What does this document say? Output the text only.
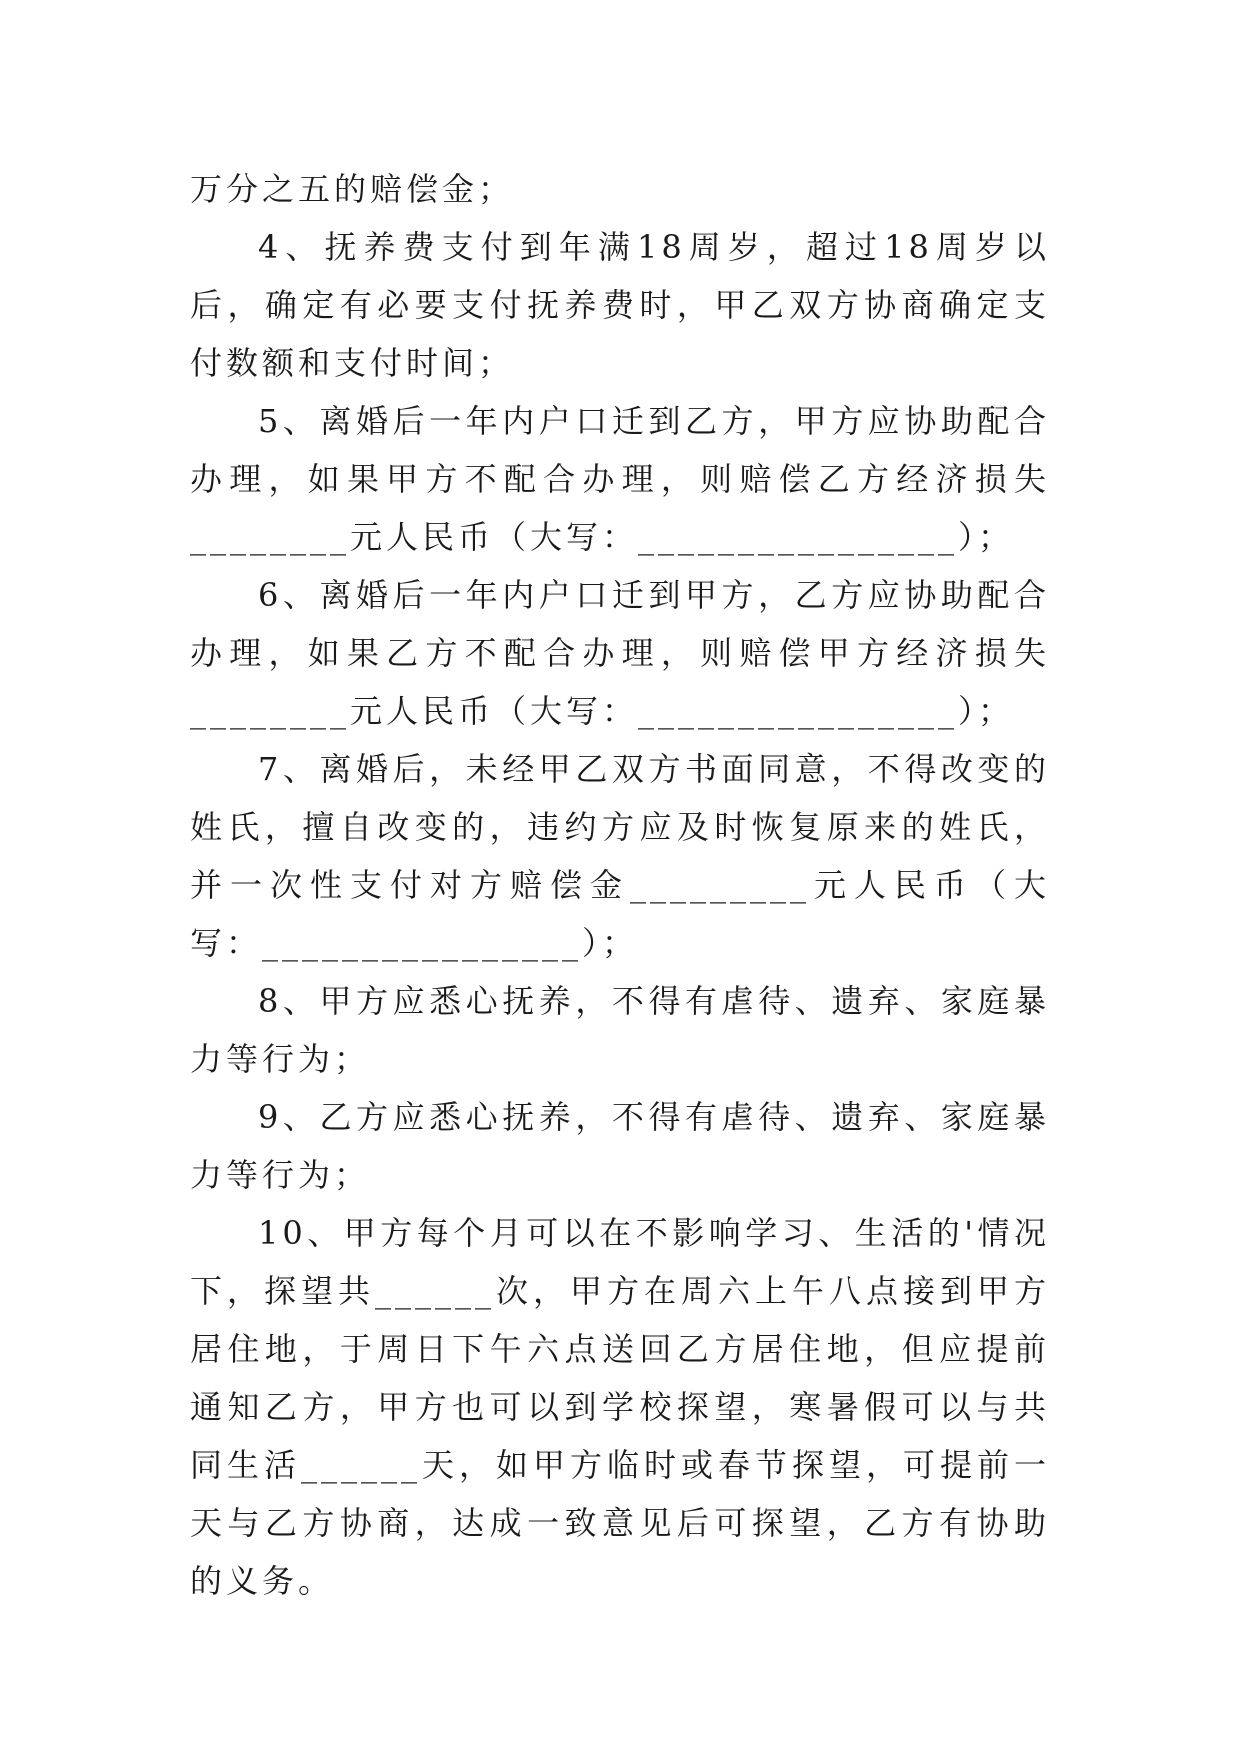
万分之五的赔偿金；

4、抚养费支付到年满18周岁，超过18周岁以后，确定有必要支付抚养费时，甲乙双方协商确定支付数额和支付时间；

5、离婚后一年内户口迁到乙方，甲方应协助配合办理，如果甲方不配合办理，则赔偿乙方经济损失________元人民币（大写：________________）；

6、离婚后一年内户口迁到甲方，乙方应协助配合办理，如果乙方不配合办理，则赔偿甲方经济损失________元人民币（大写：________________）；

7、离婚后，未经甲乙双方书面同意，不得改变的姓氏，擅自改变的，违约方应及时恢复原来的姓氏，并一次性支付对方赔偿金_________元人民币（大写：________________）；

8、甲方应悉心抚养，不得有虐待、遗弃、家庭暴力等行为；

9、乙方应悉心抚养，不得有虐待、遗弃、家庭暴力等行为；

10、甲方每个月可以在不影响学习、生活的'情况下，探望共______次，甲方在周六上午八点接到甲方居住地，于周日下午六点送回乙方居住地，但应提前通知乙方，甲方也可以到学校探望，寒暑假可以与共同生活______天，如甲方临时或春节探望，可提前一天与乙方协商，达成一致意见后可探望，乙方有协助的义务。
